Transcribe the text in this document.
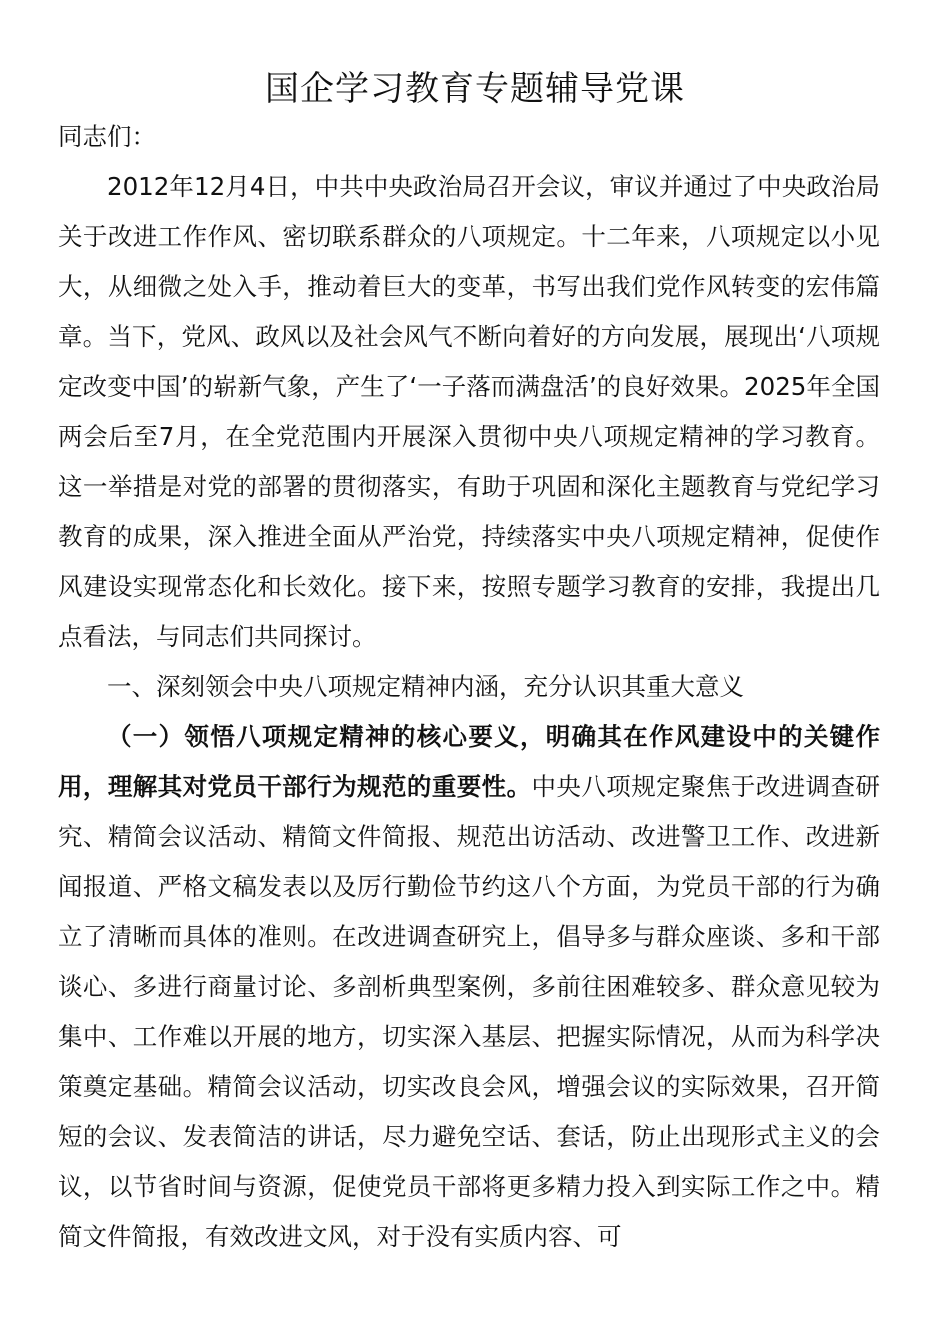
国企学习教育专题辅导党课

同志们：

2012年12月4日，中共中央政治局召开会议，审议并通过了中央政治局关于改进工作作风、密切联系群众的八项规定。十二年来，八项规定以小见大，从细微之处入手，推动着巨大的变革，书写出我们党作风转变的宏伟篇章。当下，党风、政风以及社会风气不断向着好的方向发展，展现出‘八项规定改变中国’的崭新气象，产生了‘一子落而满盘活’的良好效果。2025年全国两会后至7月，在全党范围内开展深入贯彻中央八项规定精神的学习教育。这一举措是对党的部署的贯彻落实，有助于巩固和深化主题教育与党纪学习教育的成果，深入推进全面从严治党，持续落实中央八项规定精神，促使作风建设实现常态化和长效化。接下来，按照专题学习教育的安排，我提出几点看法，与同志们共同探讨。

一、深刻领会中央八项规定精神内涵，充分认识其重大意义

（一）领悟八项规定精神的核心要义，明确其在作风建设中的关键作用，理解其对党员干部行为规范的重要性。中央八项规定聚焦于改进调查研究、精简会议活动、精简文件简报、规范出访活动、改进警卫工作、改进新闻报道、严格文稿发表以及厉行勤俭节约这八个方面，为党员干部的行为确立了清晰而具体的准则。在改进调查研究上，倡导多与群众座谈、多和干部谈心、多进行商量讨论、多剖析典型案例，多前往困难较多、群众意见较为集中、工作难以开展的地方，切实深入基层、把握实际情况，从而为科学决策奠定基础。精简会议活动，切实改良会风，增强会议的实际效果，召开简短的会议、发表简洁的讲话，尽力避免空话、套话，防止出现形式主义的会议，以节省时间与资源，促使党员干部将更多精力投入到实际工作之中。精简文件简报，有效改进文风，对于没有实质内容、可
